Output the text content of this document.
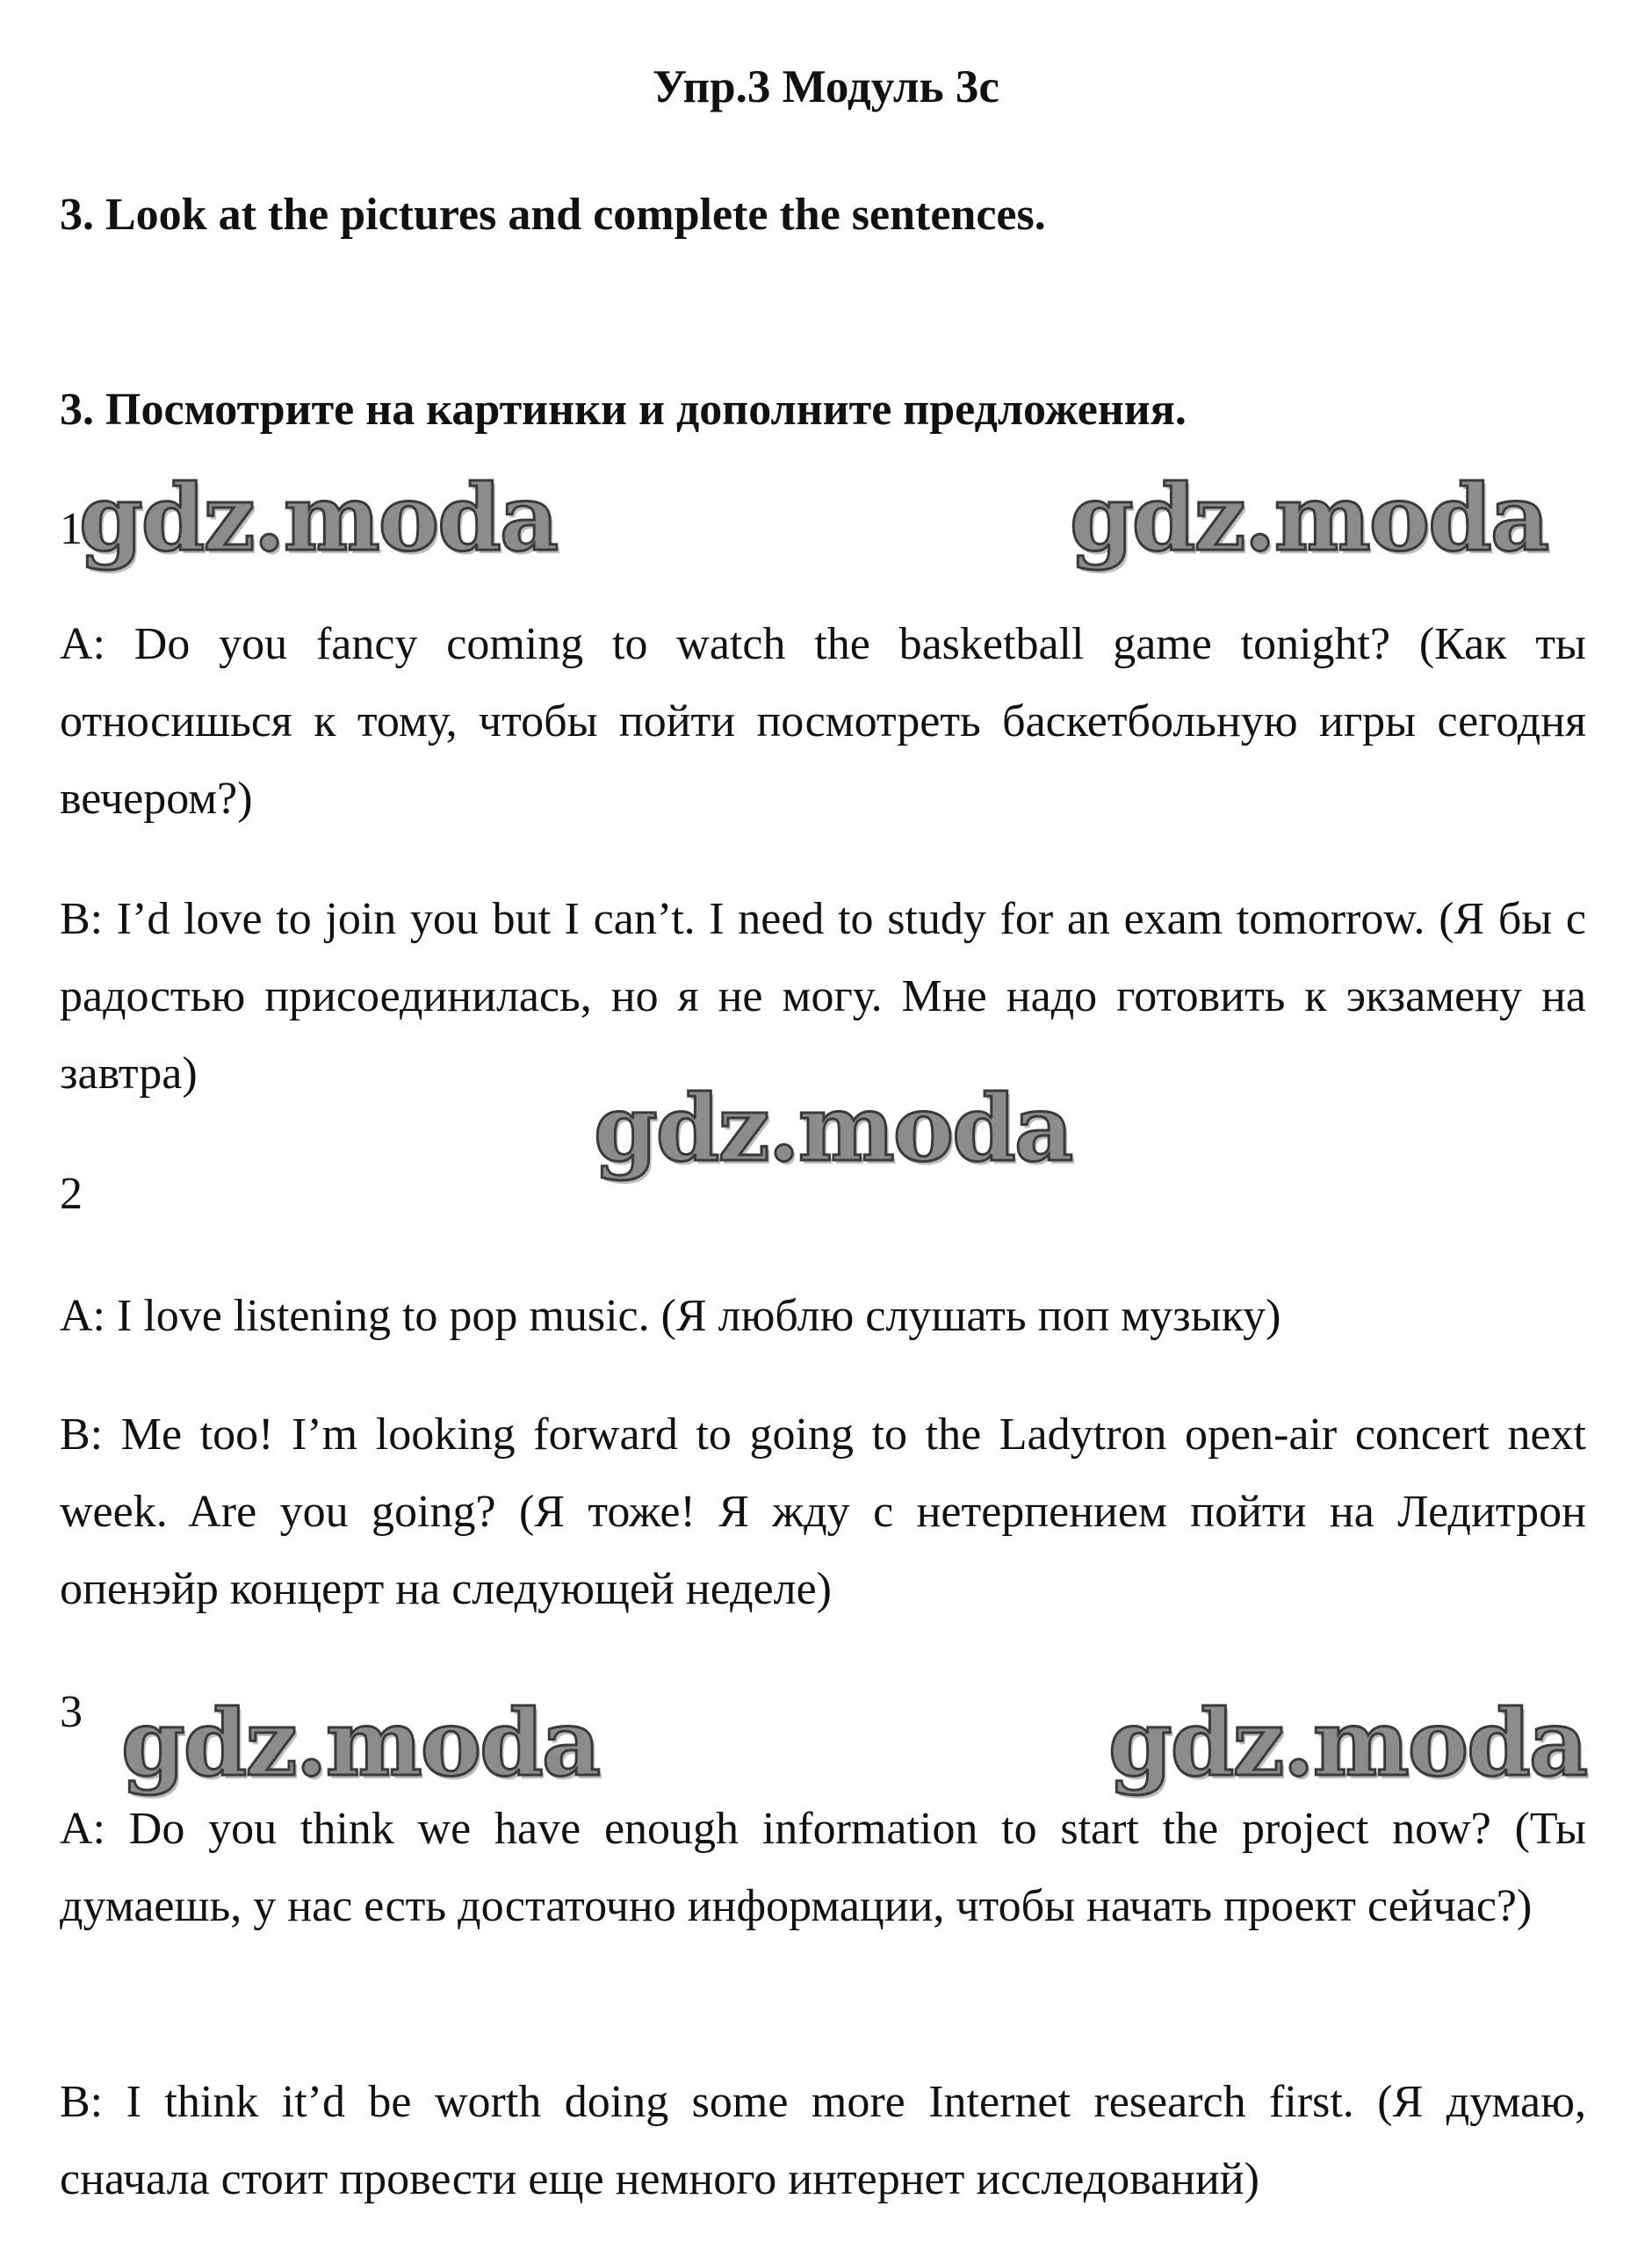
Упр.3 Модуль 3с
3. Look at the pictures and complete the sentences.
3. Посмотрите на картинки и дополните предложения.
1
A: Do you fancy coming to watch the basketball game tonight? (Как ты относишься к тому, чтобы пойти посмотреть баскетбольную игры сегодня вечером?)
B: I’d love to join you but I can’t. I need to study for an exam tomorrow. (Я бы с радостью присоединилась, но я не могу. Мне надо готовить к экзамену на завтра)
2
A: I love listening to pop music. (Я люблю слушать поп музыку)
B: Me too! I’m looking forward to going to the Ladytron open-air concert next week. Are you going? (Я тоже! Я жду с нетерпением пойти на Ледитрон опенэйр концерт на следующей неделе)
3
A: Do you think we have enough information to start the project now? (Ты думаешь, у нас есть достаточно информации, чтобы начать проект сейчас?)
B: I think it’d be worth doing some more Internet research first. (Я думаю, сначала стоит провести еще немного интернет исследований)
gdz.moda	gdz.moda
gdz.moda
gdz.moda	gdz.moda
